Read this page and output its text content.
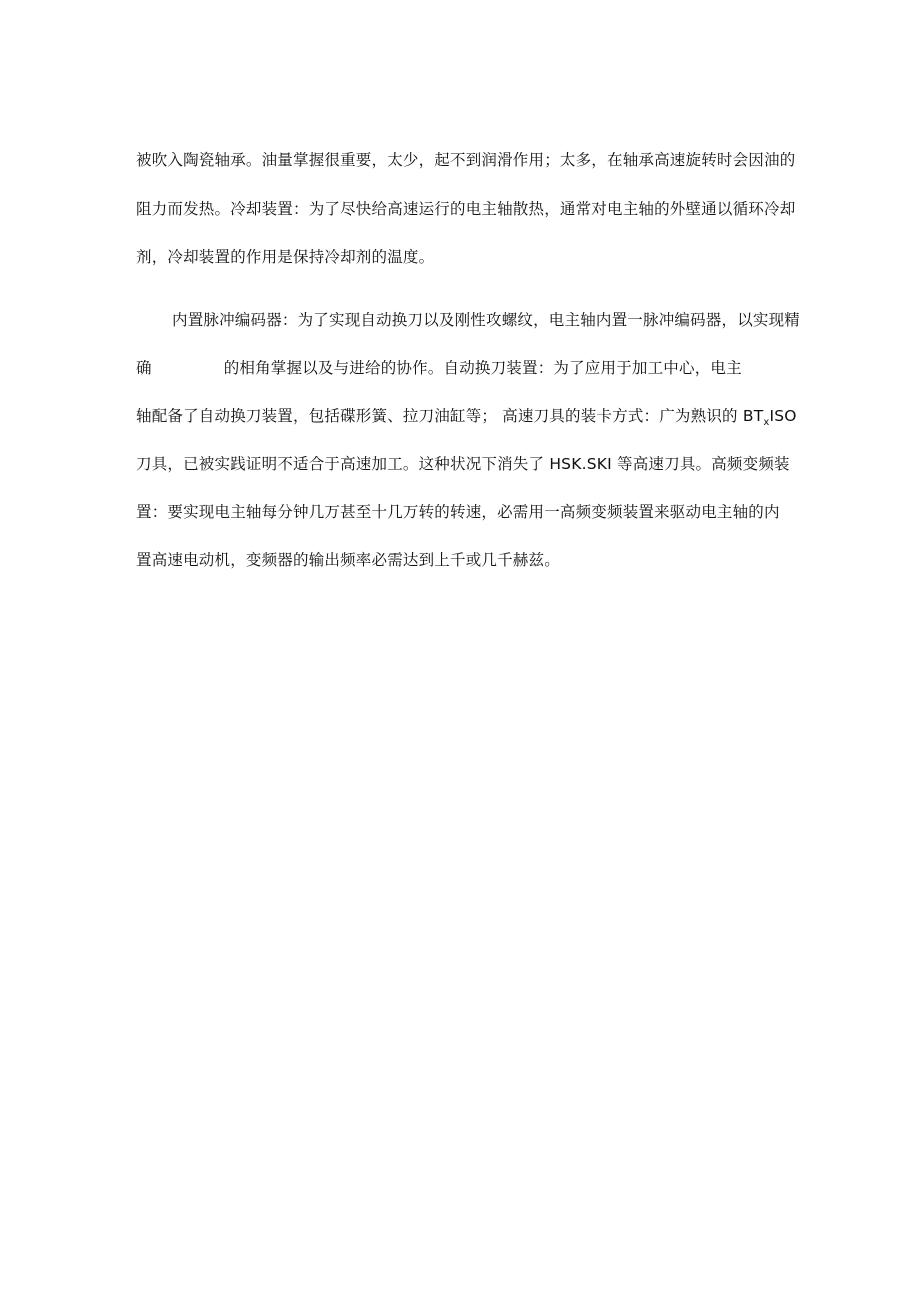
被吹入陶瓷轴承。油量掌握很重要，太少，起不到润滑作用；太多，在轴承高速旋转时会因油的
阻力而发热。冷却装置：为了尽快给高速运行的电主轴散热，通常对电主轴的外壁通以循环冷却
剂，冷却装置的作用是保持冷却剂的温度。
内置脉冲编码器：为了实现自动换刀以及刚性攻螺纹，电主轴内置一脉冲编码器，以实现精
确	的相角掌握以及与进给的协作。自动换刀装置：为了应用于加工中心，电主
轴配备了自动换刀装置，包括碟形簧、拉刀油缸等； 高速刀具的装卡方式：广为熟识的 $BT_xISO$
刀具，已被实践证明不适合于高速加工。这种状况下消失了 HSK.SKI 等高速刀具。高频变频装
置：要实现电主轴每分钟几万甚至十几万转的转速，必需用一高频变频装置来驱动电主轴的内
置高速电动机，变频器的输出频率必需达到上千或几千赫兹。
